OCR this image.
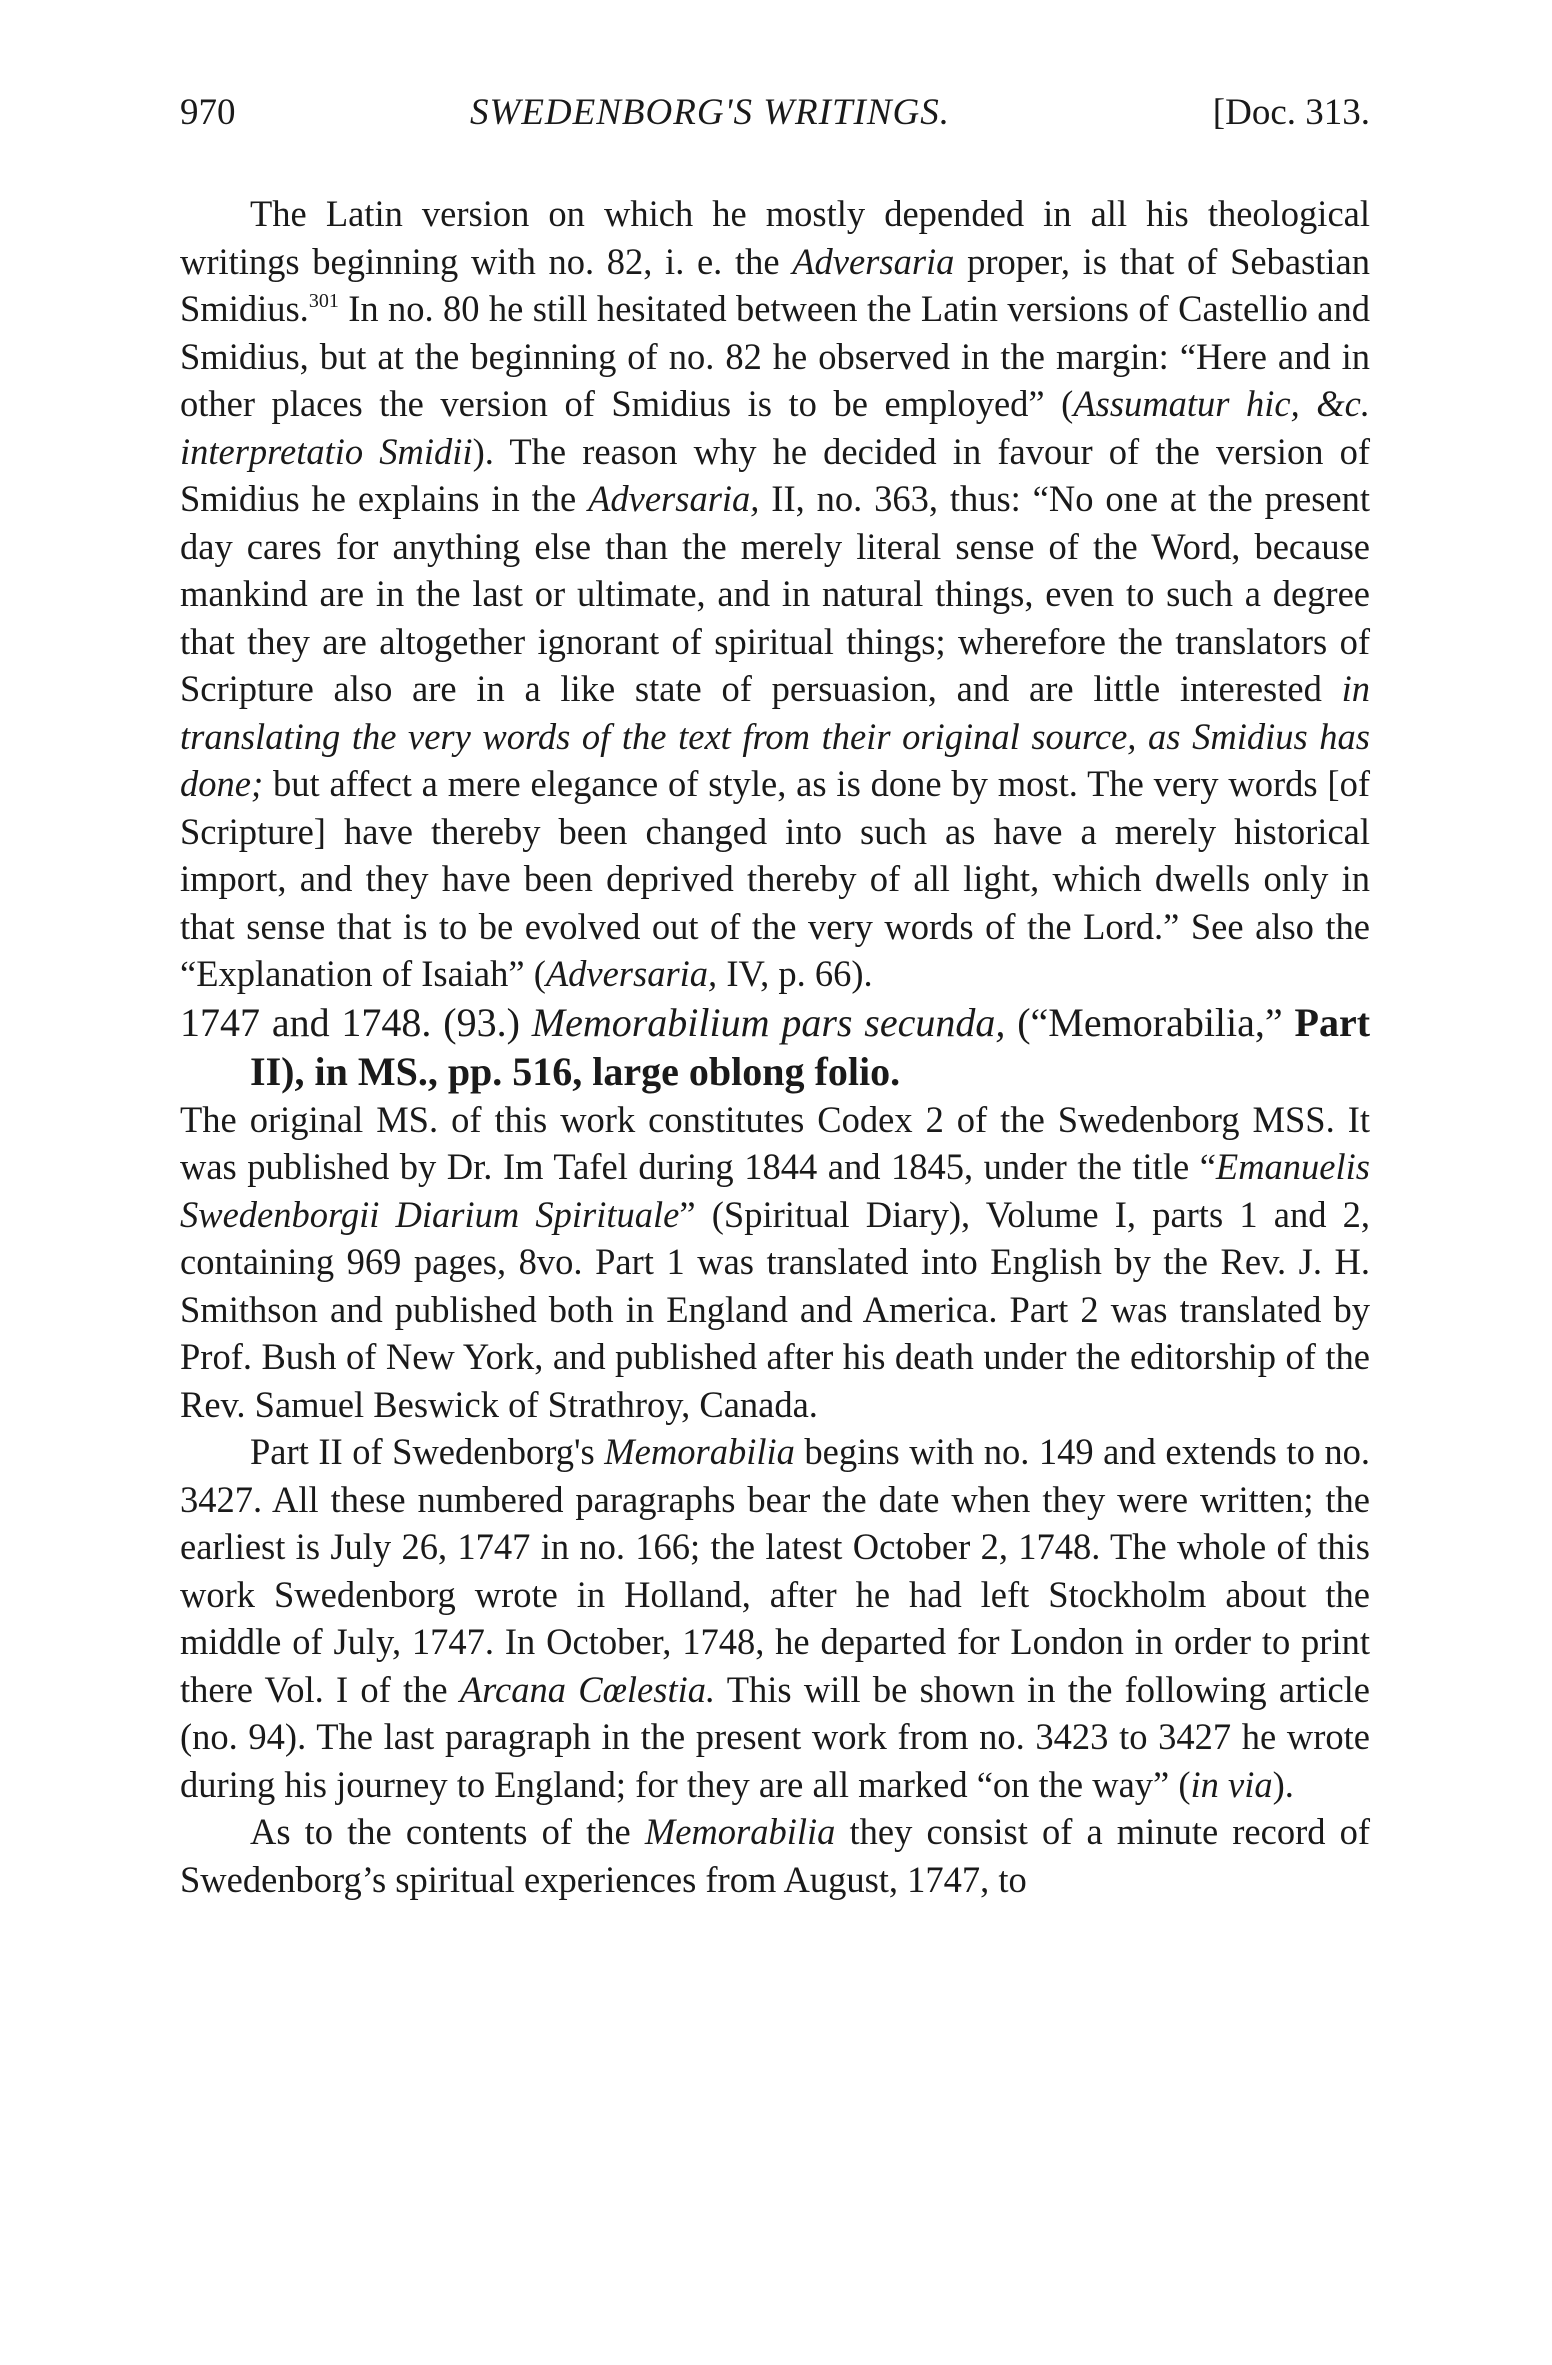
970	SWEDENBORG'S WRITINGS.	[Doc. 313.

The Latin version on which he mostly depended in all his theological writings beginning with no. 82, i. e. the Adversaria proper, is that of Sebastian Smidius.$^{301}$ In no. 80 he still hesitated between the Latin versions of Castellio and Smidius, but at the beginning of no. 82 he observed in the margin: “Here and in other places the version of Smidius is to be employed” (Assumatur hic, &c. interpretatio Smidii). The reason why he decided in favour of the version of Smidius he explains in the Adversaria, II, no. 363, thus: “No one at the present day cares for anything else than the merely literal sense of the Word, because mankind are in the last or ultimate, and in natural things, even to such a degree that they are altogether ignorant of spiritual things; wherefore the translators of Scripture also are in a like state of persuasion, and are little interested in translating the very words of the text from their original source, as Smidius has done; but affect a mere elegance of style, as is done by most. The very words [of Scripture] have thereby been changed into such as have a merely historical import, and they have been deprived thereby of all light, which dwells only in that sense that is to be evolved out of the very words of the Lord.” See also the “Explanation of Isaiah” (Adversaria, IV, p. 66).

1747 and 1748. (93.) Memorabilium pars secunda, (“Memorabilia,” Part II), in MS., pp. 516, large oblong folio.

The original MS. of this work constitutes Codex 2 of the Swedenborg MSS. It was published by Dr. Im Tafel during 1844 and 1845, under the title “Emanuelis Swedenborgii Diarium Spirituale” (Spiritual Diary), Volume I, parts 1 and 2, containing 969 pages, 8vo. Part 1 was translated into English by the Rev. J. H. Smithson and published both in England and America. Part 2 was translated by Prof. Bush of New York, and published after his death under the editorship of the Rev. Samuel Beswick of Strathroy, Canada.

Part II of Swedenborg's Memorabilia begins with no. 149 and extends to no. 3427. All these numbered paragraphs bear the date when they were written; the earliest is July 26, 1747 in no. 166; the latest October 2, 1748. The whole of this work Swedenborg wrote in Holland, after he had left Stockholm about the middle of July, 1747. In October, 1748, he departed for London in order to print there Vol. I of the Arcana Cœlestia. This will be shown in the following article (no. 94). The last paragraph in the present work from no. 3423 to 3427 he wrote during his journey to England; for they are all marked “on the way” (in via).

As to the contents of the Memorabilia they consist of a minute record of Swedenborg’s spiritual experiences from August, 1747, to
